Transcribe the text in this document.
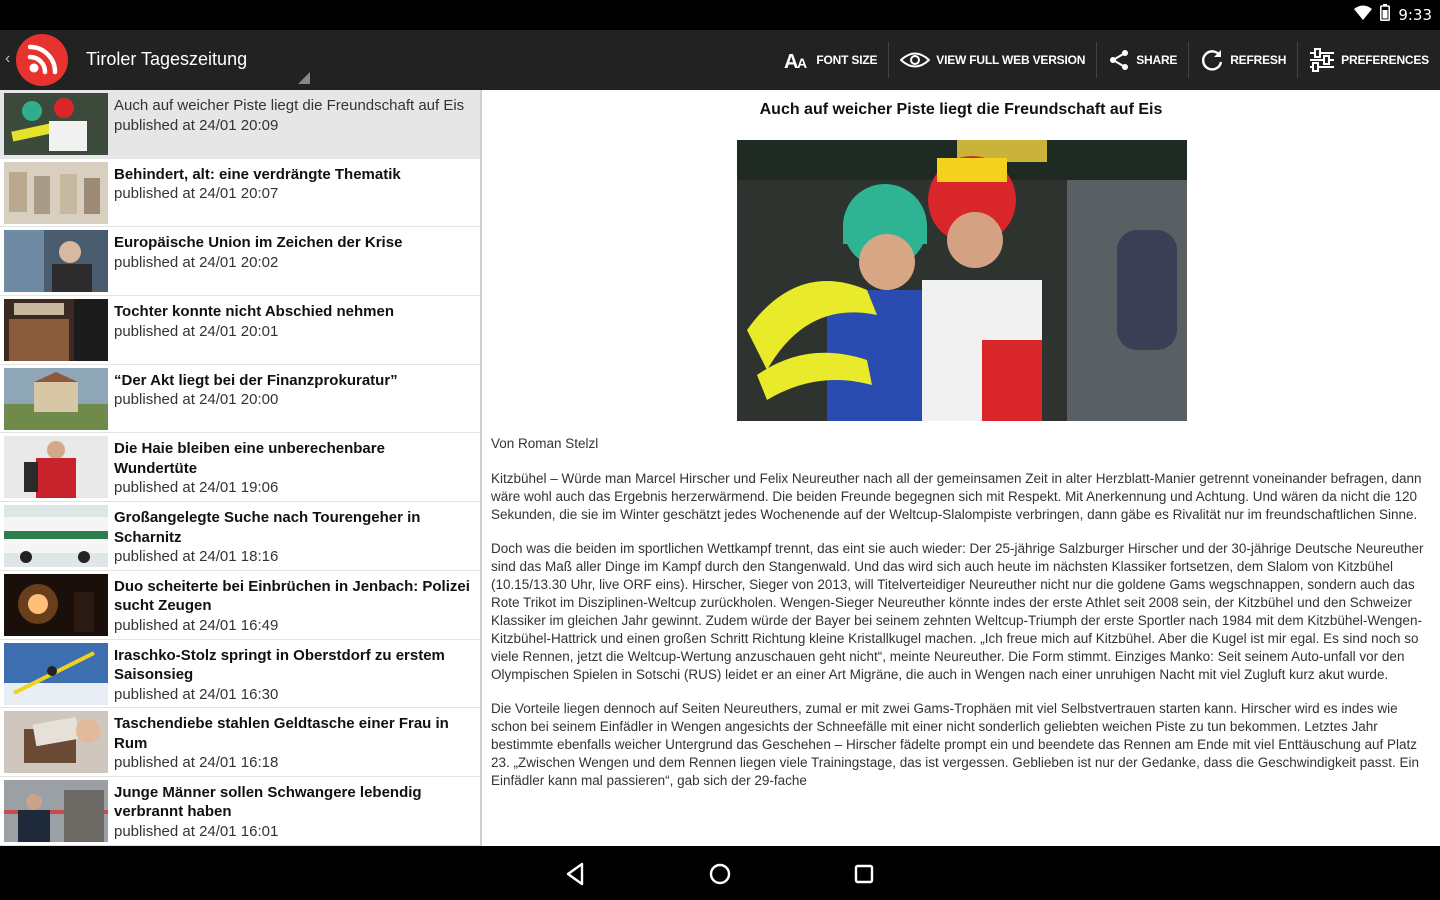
9:33
‹	Tiroler Tageszeitung	A
A FONT SIZE	VIEW FULL WEB VERSION	SHARE	REFRESH	PREFERENCES
Auch auf weicher Piste liegt die Freundschaft auf Eis
published at 24/01 20:09
Behindert, alt: eine verdrängte Thematik
published at 24/01 20:07
Europäische Union im Zeichen der Krise
published at 24/01 20:02
Tochter konnte nicht Abschied nehmen
published at 24/01 20:01
“Der Akt liegt bei der Finanzprokuratur”
published at 24/01 20:00
Die Haie bleiben eine unberechenbare Wundertüte
published at 24/01 19:06
Großangelegte Suche nach Tourengeher in Scharnitz
published at 24/01 18:16
Duo scheiterte bei Einbrüchen in Jenbach: Polizei sucht Zeugen
published at 24/01 16:49
Iraschko-Stolz springt in Oberstdorf zu erstem Saisonsieg
published at 24/01 16:30
Taschendiebe stahlen Geldtasche einer Frau in Rum
published at 24/01 16:18
Junge Männer sollen Schwangere lebendig verbrannt haben
published at 24/01 16:01
Auch auf weicher Piste liegt die Freundschaft auf Eis
Von Roman Stelzl

Kitzbühel – Würde man Marcel Hirscher und Felix Neureuther nach all der gemeinsamen Zeit in alter Herzblatt-Manier getrennt voneinander befragen, dann wäre wohl auch das Ergebnis herzerwärmend. Die beiden Freunde begegnen sich mit Respekt. Mit Anerkennung und Achtung. Und wären da nicht die 120 Sekunden, die sie im Winter geschätzt jedes Wochenende auf der Weltcup-Slalompiste verbringen, dann gäbe es Rivalität nur im freundschaftlichen Sinne.

Doch was die beiden im sportlichen Wettkampf trennt, das eint sie auch wieder: Der 25-jährige Salzburger Hirscher und der 30-jährige Deutsche Neureuther sind das Maß aller Dinge im Kampf durch den Stangenwald. Und das wird sich auch heute im nächsten Klassiker fortsetzen, dem Slalom von Kitzbühel (10.15/13.30 Uhr, live ORF eins). Hirscher, Sieger von 2013, will Titelverteidiger Neureuther nicht nur die goldene Gams wegschnappen, sondern auch das Rote Trikot im Disziplinen-Weltcup zurückholen. Wengen-Sieger Neureuther könnte indes der erste Athlet seit 2008 sein, der Kitzbühel und den Schweizer Klassiker im gleichen Jahr gewinnt. Zudem würde der Bayer bei seinem zehnten Weltcup-Triumph der erste Sportler nach 1984 mit dem Kitzbühel-Wengen-Kitzbühel-Hattrick und einen großen Schritt Richtung kleine Kristallkugel machen. „Ich freue mich auf Kitzbühel. Aber die Kugel ist mir egal. Es sind noch so viele Rennen, jetzt die Weltcup-Wertung anzuschauen geht nicht“, meinte Neureuther. Die Form stimmt. Einziges Manko: Seit seinem Auto-unfall vor den Olympischen Spielen in Sotschi (RUS) leidet er an einer Art Migräne, die auch in Wengen nach einer unruhigen Nacht mit viel Zugluft kurz akut wurde.

Die Vorteile liegen dennoch auf Seiten Neureuthers, zumal er mit zwei Gams-Trophäen mit viel Selbstvertrauen starten kann. Hirscher wird es indes wie schon bei seinem Einfädler in Wengen angesichts der Schneefälle mit einer nicht sonderlich geliebten weichen Piste zu tun bekommen. Letztes Jahr bestimmte ebenfalls weicher Untergrund das Geschehen – Hirscher fädelte prompt ein und beendete das Rennen am Ende mit viel Enttäuschung auf Platz 23. „Zwischen Wengen und dem Rennen liegen viele Trainingstage, das ist vergessen. Geblieben ist nur der Gedanke, dass die Geschwindigkeit passt. Ein Einfädler kann mal passieren“, gab sich der 29-fache
